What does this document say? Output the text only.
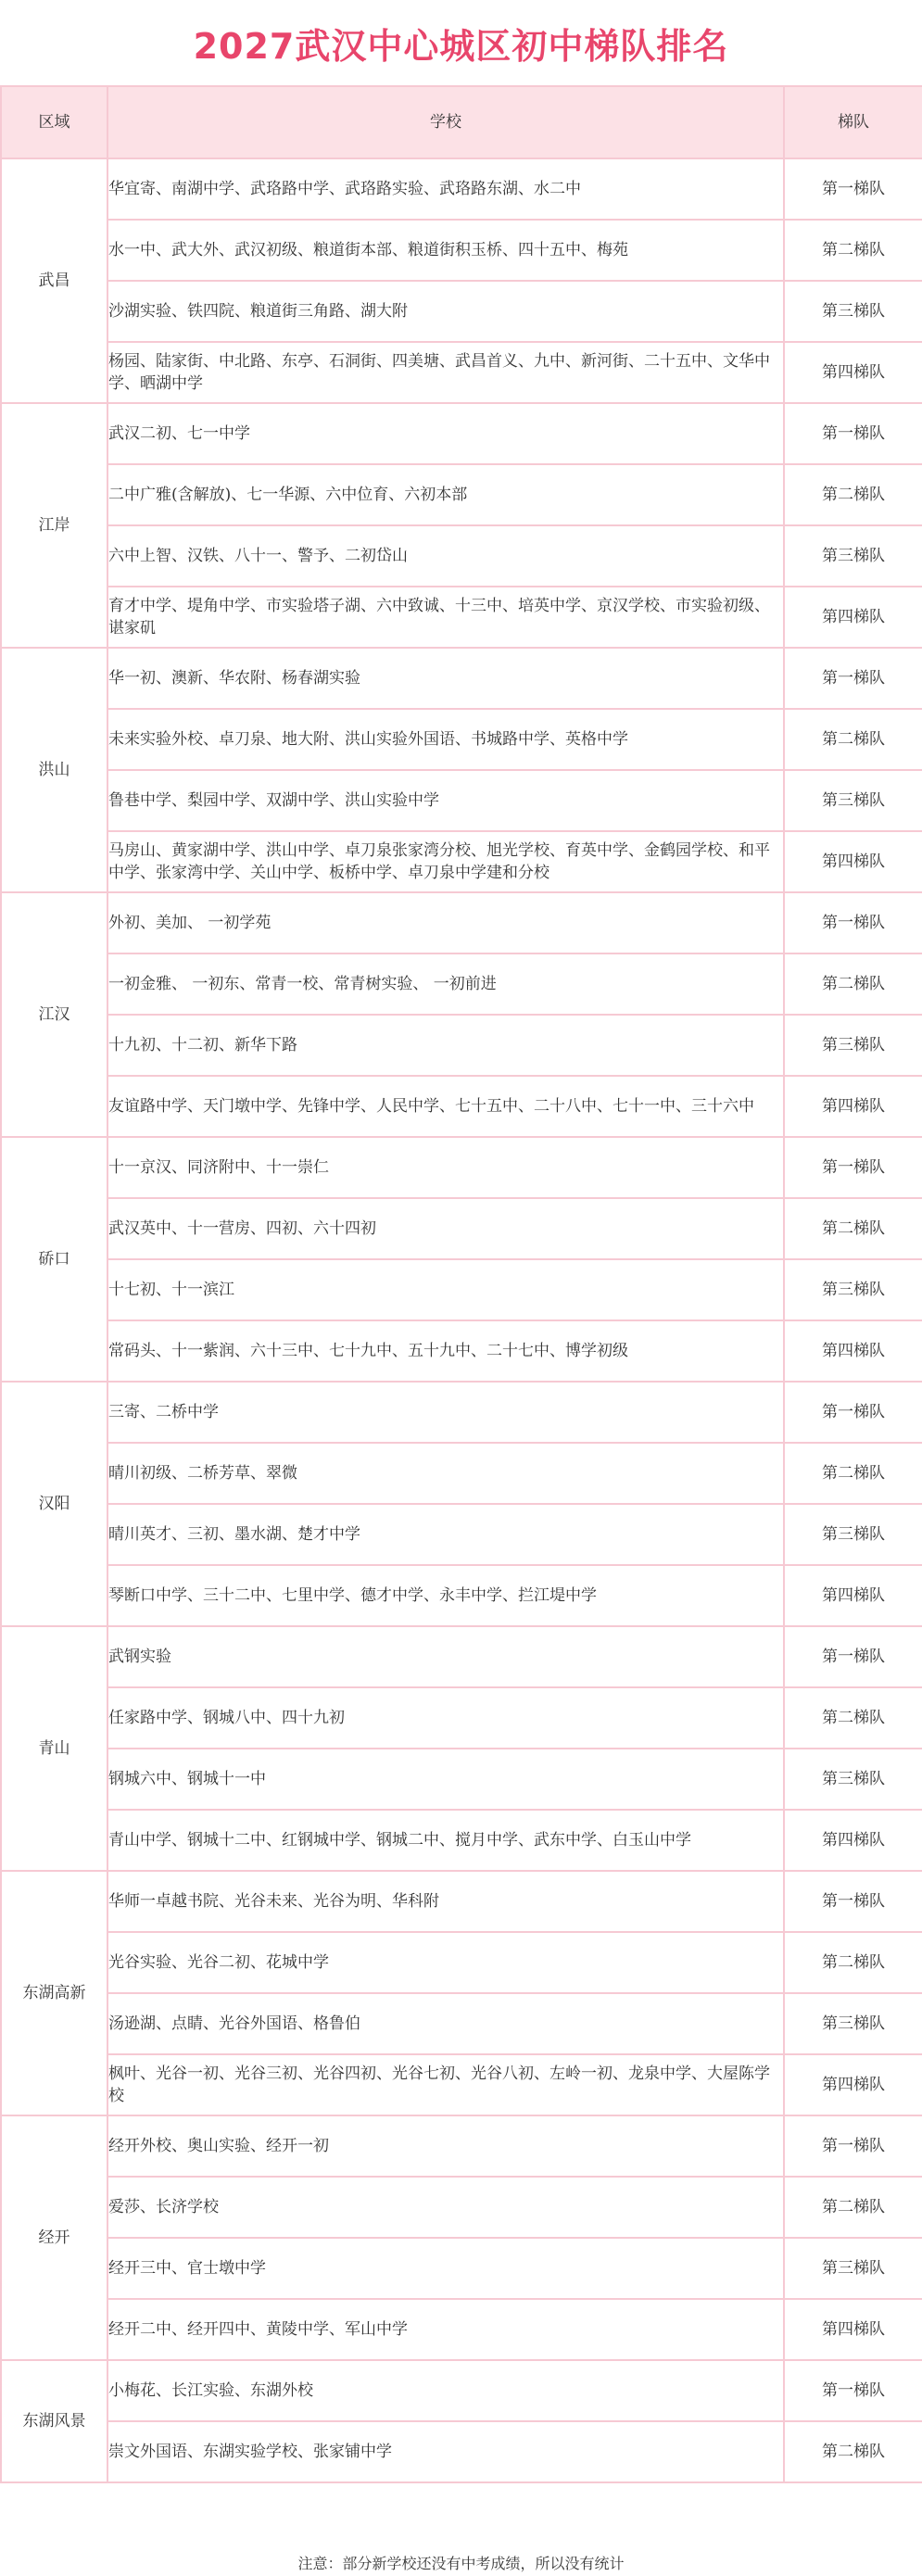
2027武汉中心城区初中梯队排名
区域	学校	梯队
武昌	华宜寄、南湖中学、武珞路中学、武珞路实验、武珞路东湖、水二中	第一梯队
	水一中、武大外、武汉初级、粮道街本部、粮道街积玉桥、四十五中、梅苑	第二梯队
	沙湖实验、铁四院、粮道街三角路、湖大附	第三梯队
	杨园、陆家街、中北路、东亭、石洞街、四美塘、武昌首义、九中、新河街、二十五中、文华中学、晒湖中学	第四梯队
江岸	武汉二初、七一中学	第一梯队
	二中广雅(含解放)、七一华源、六中位育、六初本部	第二梯队
	六中上智、汉铁、八十一、警予、二初岱山	第三梯队
	育才中学、堤角中学、市实验塔子湖、六中致诚、十三中、培英中学、京汉学校、市实验初级、谌家矶	第四梯队
洪山	华一初、澳新、华农附、杨春湖实验	第一梯队
	未来实验外校、卓刀泉、地大附、洪山实验外国语、书城路中学、英格中学	第二梯队
	鲁巷中学、梨园中学、双湖中学、洪山实验中学	第三梯队
	马房山、黄家湖中学、洪山中学、卓刀泉张家湾分校、旭光学校、育英中学、金鹤园学校、和平中学、张家湾中学、关山中学、板桥中学、卓刀泉中学建和分校	第四梯队
江汉	外初、美加、 一初学苑	第一梯队
	一初金雅、 一初东、常青一校、常青树实验、 一初前进	第二梯队
	十九初、十二初、新华下路	第三梯队
	友谊路中学、天门墩中学、先锋中学、人民中学、七十五中、二十八中、七十一中、三十六中	第四梯队
硚口	十一京汉、同济附中、十一崇仁	第一梯队
	武汉英中、十一营房、四初、六十四初	第二梯队
	十七初、十一滨江	第三梯队
	常码头、十一紫润、六十三中、七十九中、五十九中、二十七中、博学初级	第四梯队
汉阳	三寄、二桥中学	第一梯队
	晴川初级、二桥芳草、翠微	第二梯队
	晴川英才、三初、墨水湖、楚才中学	第三梯队
	琴断口中学、三十二中、七里中学、德才中学、永丰中学、拦江堤中学	第四梯队
青山	武钢实验	第一梯队
	任家路中学、钢城八中、四十九初	第二梯队
	钢城六中、钢城十一中	第三梯队
	青山中学、钢城十二中、红钢城中学、钢城二中、搅月中学、武东中学、白玉山中学	第四梯队
东湖高新	华师一卓越书院、光谷未来、光谷为明、华科附	第一梯队
	光谷实验、光谷二初、花城中学	第二梯队
	汤逊湖、点睛、光谷外国语、格鲁伯	第三梯队
	枫叶、光谷一初、光谷三初、光谷四初、光谷七初、光谷八初、左岭一初、龙泉中学、大屋陈学校	第四梯队
经开	经开外校、奥山实验、经开一初	第一梯队
	爱莎、长济学校	第二梯队
	经开三中、官士墩中学	第三梯队
	经开二中、经开四中、黄陵中学、军山中学	第四梯队
东湖风景	小梅花、长江实验、东湖外校	第一梯队
	崇文外国语、东湖实验学校、张家铺中学	第二梯队
注意：部分新学校还没有中考成绩，所以没有统计
